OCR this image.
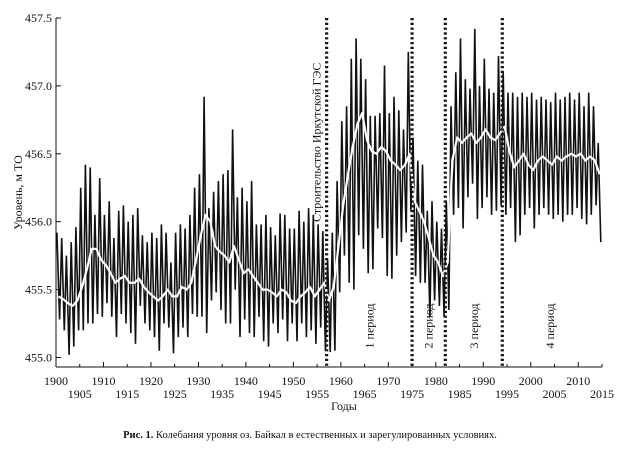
455.0
455.5
456.0
456.5
457.0
457.5
1900 1910 1920 1930 1940 1950 1960 1970 1980 1990 2000 2010
1905 1915 1925 1935 1945 1955 1965 1975 1985 1995 2005 2015
Годы
Уровень, м ТО	Строительство Иркутской ГЭС
1 период	2 период	3 период	4 период
Рис. 1. Колебания уровня оз. Байкал в естественных и зарегулированных условиях.
